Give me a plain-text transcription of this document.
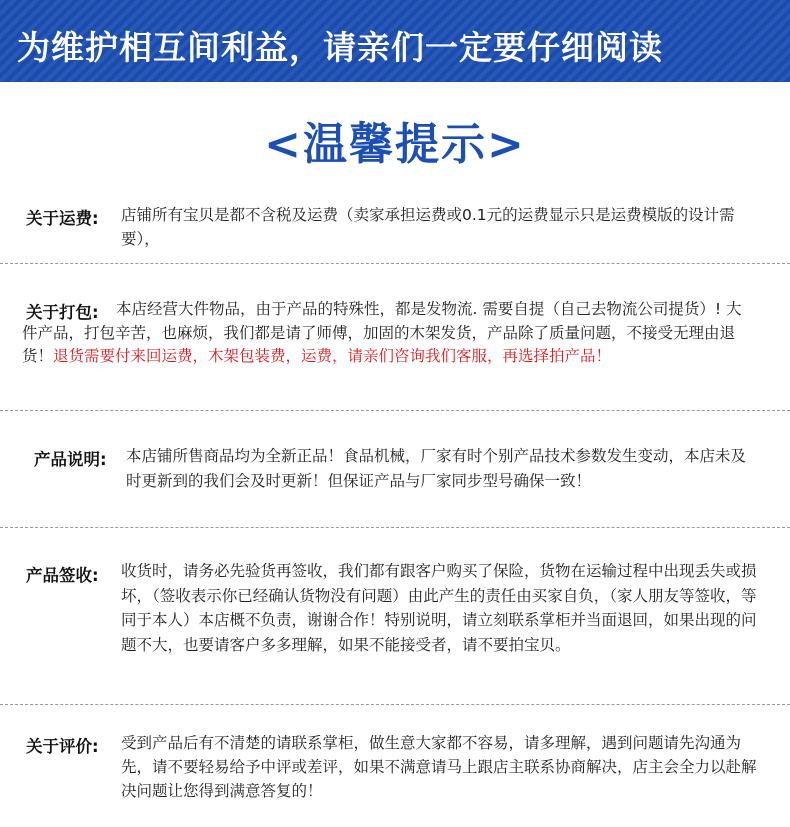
为维护相互间利益，请亲们一定要仔细阅读
<温馨提示>
关于运费: 店铺所有宝贝是都不含税及运费（卖家承担运费或0.1元的运费显示只是运费模版的设计需要），
关于打包:	本店经营大件物品，由于产品的特殊性，都是发物流. 需要自提（自己去物流公司提货）! 大件产品，打包辛苦，也麻烦，我们都是请了师傅，加固的木架发货，产品除了质量问题，不接受无理由退货！退货需要付来回运费，木架包装费，运费，请亲们咨询我们客服，再选择拍产品！
产品说明: 本店铺所售商品均为全新正品！食品机械，厂家有时个别产品技术参数发生变动，本店未及时更新到的我们会及时更新！但保证产品与厂家同步型号确保一致！
产品签收: 收货时，请务必先验货再签收，我们都有跟客户购买了保险，货物在运输过程中出现丢失或损坏，（签收表示你已经确认货物没有问题）由此产生的责任由买家自负，（家人朋友等签收，等同于本人）本店概不负责，谢谢合作！特别说明，请立刻联系掌柜并当面退回，如果出现的问题不大，也要请客户多多理解，如果不能接受者，请不要拍宝贝。
关于评价: 受到产品后有不清楚的请联系掌柜，做生意大家都不容易，请多理解，遇到问题请先沟通为先，请不要轻易给予中评或差评，如果不满意请马上跟店主联系协商解决，店主会全力以赴解决问题让您得到满意答复的！
